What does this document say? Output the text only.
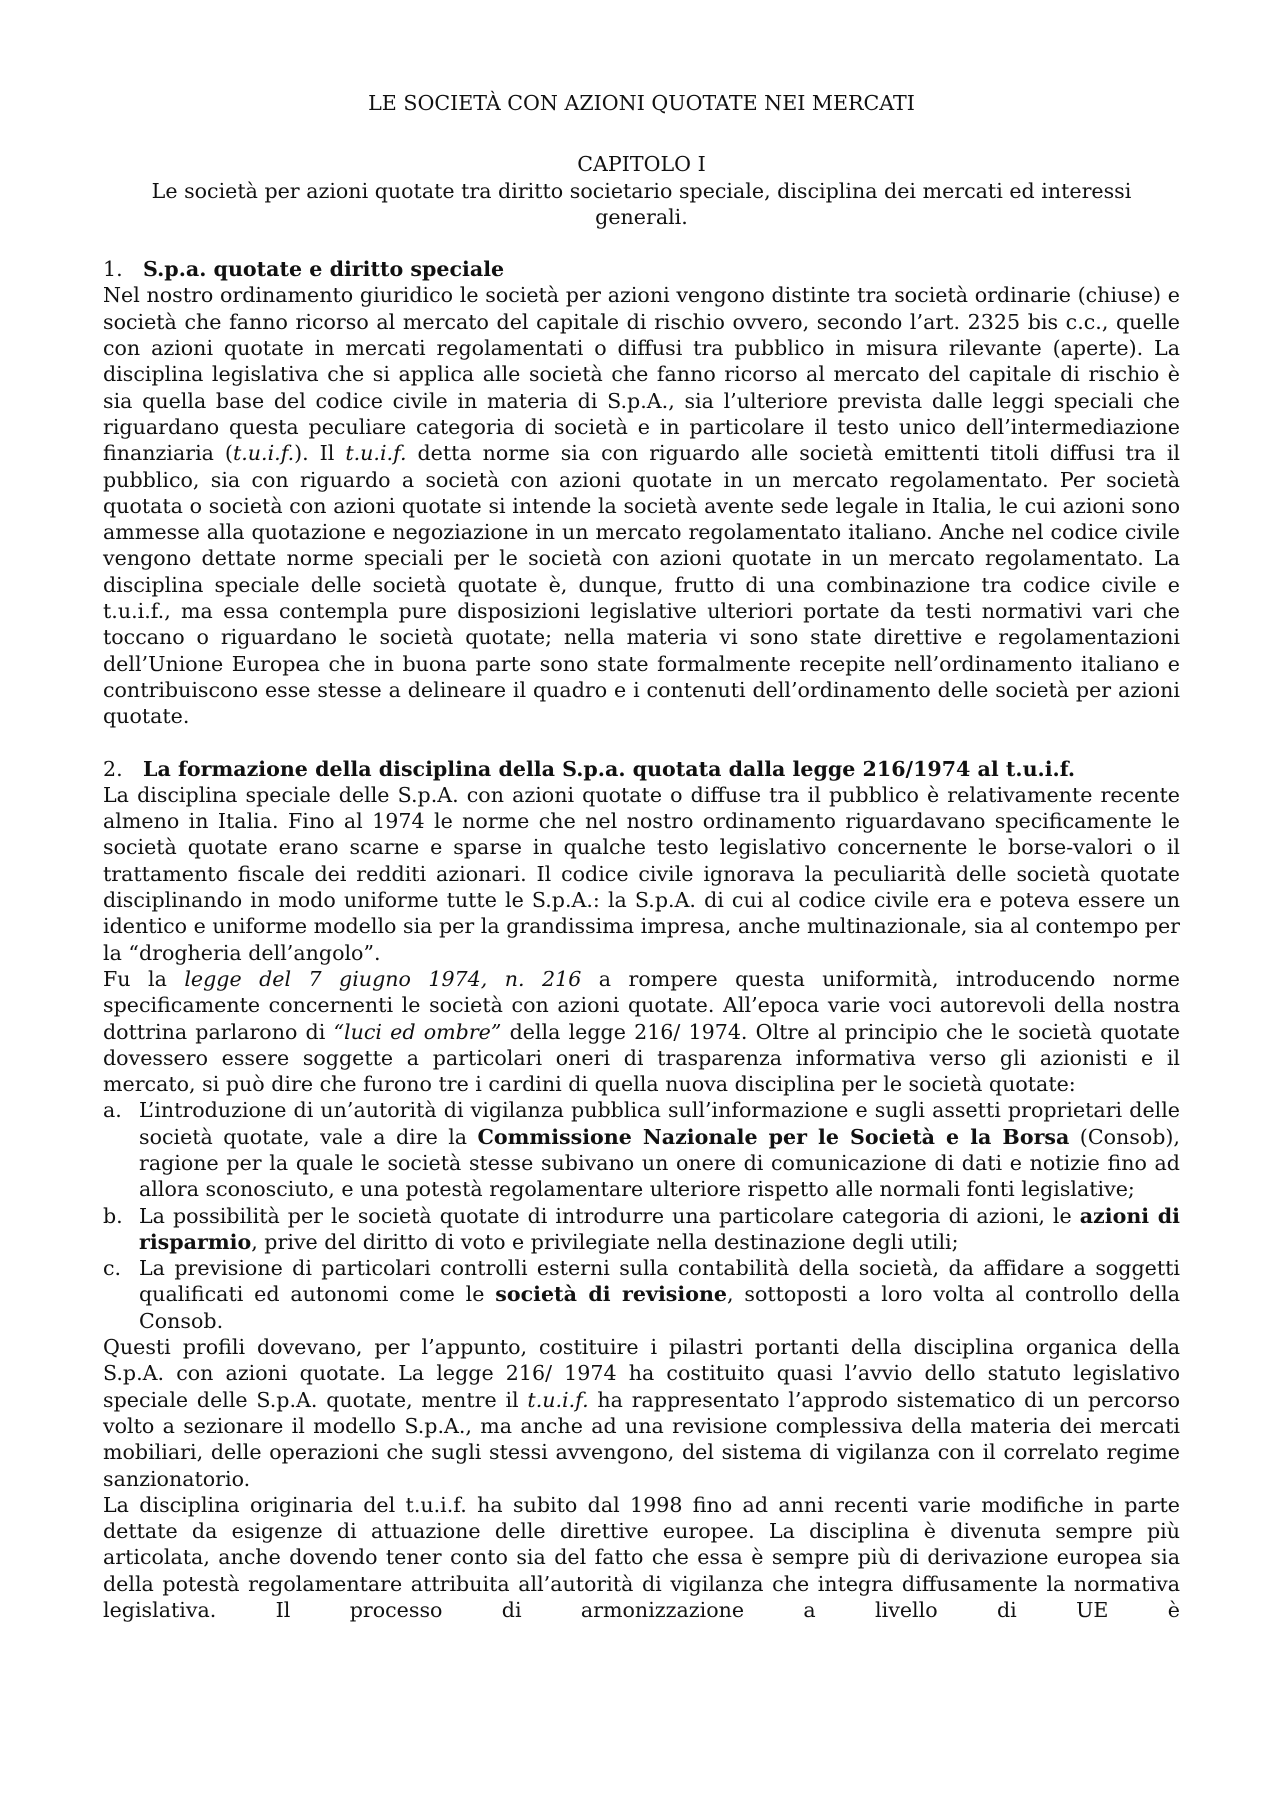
LE SOCIETÀ CON AZIONI QUOTATE NEI MERCATI
CAPITOLO I
Le società per azioni quotate tra diritto societario speciale, disciplina dei mercati ed interessi generali.
1. S.p.a. quotate e diritto speciale

Nel nostro ordinamento giuridico le società per azioni vengono distinte tra società ordinarie (chiuse) e società che fanno ricorso al mercato del capitale di rischio ovvero, secondo l’art. 2325 bis c.c., quelle con azioni quotate in mercati regolamentati o diffusi tra pubblico in misura rilevante (aperte). La disciplina legislativa che si applica alle società che fanno ricorso al mercato del capitale di rischio è sia quella base del codice civile in materia di S.p.A., sia l’ulteriore prevista dalle leggi speciali che riguardano questa peculiare categoria di società e in particolare il testo unico dell’intermediazione finanziaria (t.u.i.f.). Il t.u.i.f. detta norme sia con riguardo alle società emittenti titoli diffusi tra il pubblico, sia con riguardo a società con azioni quotate in un mercato regolamentato. Per società quotata o società con azioni quotate si intende la società avente sede legale in Italia, le cui azioni sono ammesse alla quotazione e negoziazione in un mercato regolamentato italiano. Anche nel codice civile vengono dettate norme speciali per le società con azioni quotate in un mercato regolamentato. La disciplina speciale delle società quotate è, dunque, frutto di una combinazione tra codice civile e t.u.i.f., ma essa contempla pure disposizioni legislative ulteriori portate da testi normativi vari che toccano o riguardano le società quotate; nella materia vi sono state direttive e regolamentazioni dell’Unione Europea che in buona parte sono state formalmente recepite nell’ordinamento italiano e contribuiscono esse stesse a delineare il quadro e i contenuti dell’ordinamento delle società per azioni quotate.

2. La formazione della disciplina della S.p.a. quotata dalla legge 216/1974 al t.u.i.f.

La disciplina speciale delle S.p.A. con azioni quotate o diffuse tra il pubblico è relativamente recente almeno in Italia. Fino al 1974 le norme che nel nostro ordinamento riguardavano specificamente le società quotate erano scarne e sparse in qualche testo legislativo concernente le borse-valori o il trattamento fiscale dei redditi azionari. Il codice civile ignorava la peculiarità delle società quotate disciplinando in modo uniforme tutte le S.p.A.: la S.p.A. di cui al codice civile era e poteva essere un identico e uniforme modello sia per la grandissima impresa, anche multinazionale, sia al contempo per la “drogheria dell’angolo”.

Fu la legge del 7 giugno 1974, n. 216 a rompere questa uniformità, introducendo norme specificamente concernenti le società con azioni quotate. All’epoca varie voci autorevoli della nostra dottrina parlarono di “luci ed ombre” della legge 216/ 1974. Oltre al principio che le società quotate dovessero essere soggette a particolari oneri di trasparenza informativa verso gli azionisti e il mercato, si può dire che furono tre i cardini di quella nuova disciplina per le società quotate:

a. L’introduzione di un’autorità di vigilanza pubblica sull’informazione e sugli assetti proprietari delle società quotate, vale a dire la Commissione Nazionale per le Società e la Borsa (Consob), ragione per la quale le società stesse subivano un onere di comunicazione di dati e notizie fino ad allora sconosciuto, e una potestà regolamentare ulteriore rispetto alle normali fonti legislative;
b. La possibilità per le società quotate di introdurre una particolare categoria di azioni, le azioni di risparmio, prive del diritto di voto e privilegiate nella destinazione degli utili;
c. La previsione di particolari controlli esterni sulla contabilità della società, da affidare a soggetti qualificati ed autonomi come le società di revisione, sottoposti a loro volta al controllo della Consob.

Questi profili dovevano, per l’appunto, costituire i pilastri portanti della disciplina organica della S.p.A. con azioni quotate. La legge 216/ 1974 ha costituito quasi l’avvio dello statuto legislativo speciale delle S.p.A. quotate, mentre il t.u.i.f. ha rappresentato l’approdo sistematico di un percorso volto a sezionare il modello S.p.A., ma anche ad una revisione complessiva della materia dei mercati mobiliari, delle operazioni che sugli stessi avvengono, del sistema di vigilanza con il correlato regime sanzionatorio.

La disciplina originaria del t.u.i.f. ha subito dal 1998 fino ad anni recenti varie modifiche in parte dettate da esigenze di attuazione delle direttive europee. La disciplina è divenuta sempre più articolata, anche dovendo tener conto sia del fatto che essa è sempre più di derivazione europea sia della potestà regolamentare attribuita all’autorità di vigilanza che integra diffusamente la normativa legislativa. Il processo di armonizzazione a livello di UE è
